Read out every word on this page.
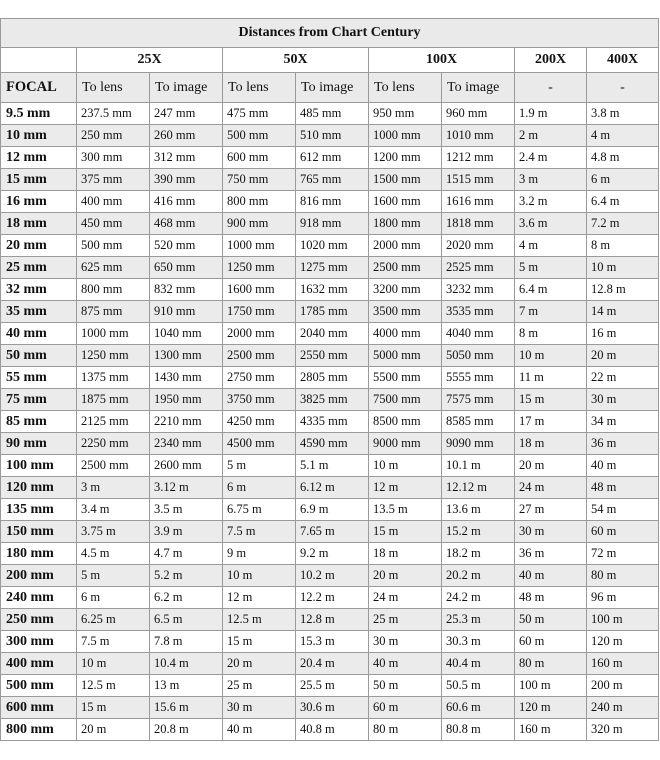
Distances from Chart Century								
	25X		50X		100X		200X	400X
FOCAL	To lens	To image	To lens	To image	To lens	To image	-	-
9.5 mm	237.5 mm	247 mm	475 mm	485 mm	950 mm	960 mm	1.9 m	3.8 m
10 mm	250 mm	260 mm	500 mm	510 mm	1000 mm	1010 mm	2 m	4 m
12 mm	300 mm	312 mm	600 mm	612 mm	1200 mm	1212 mm	2.4 m	4.8 m
15 mm	375 mm	390 mm	750 mm	765 mm	1500 mm	1515 mm	3 m	6 m
16 mm	400 mm	416 mm	800 mm	816 mm	1600 mm	1616 mm	3.2 m	6.4 m
18 mm	450 mm	468 mm	900 mm	918 mm	1800 mm	1818 mm	3.6 m	7.2 m
20 mm	500 mm	520 mm	1000 mm	1020 mm	2000 mm	2020 mm	4 m	8 m
25 mm	625 mm	650 mm	1250 mm	1275 mm	2500 mm	2525 mm	5 m	10 m
32 mm	800 mm	832 mm	1600 mm	1632 mm	3200 mm	3232 mm	6.4 m	12.8 m
35 mm	875 mm	910 mm	1750 mm	1785 mm	3500 mm	3535 mm	7 m	14 m
40 mm	1000 mm	1040 mm	2000 mm	2040 mm	4000 mm	4040 mm	8 m	16 m
50 mm	1250 mm	1300 mm	2500 mm	2550 mm	5000 mm	5050 mm	10 m	20 m
55 mm	1375 mm	1430 mm	2750 mm	2805 mm	5500 mm	5555 mm	11 m	22 m
75 mm	1875 mm	1950 mm	3750 mm	3825 mm	7500 mm	7575 mm	15 m	30 m
85 mm	2125 mm	2210 mm	4250 mm	4335 mm	8500 mm	8585 mm	17 m	34 m
90 mm	2250 mm	2340 mm	4500 mm	4590 mm	9000 mm	9090 mm	18 m	36 m
100 mm	2500 mm	2600 mm	5 m	5.1 m	10 m	10.1 m	20 m	40 m
120 mm	3 m	3.12 m	6 m	6.12 m	12 m	12.12 m	24 m	48 m
135 mm	3.4 m	3.5 m	6.75 m	6.9 m	13.5 m	13.6 m	27 m	54 m
150 mm	3.75 m	3.9 m	7.5 m	7.65 m	15 m	15.2 m	30 m	60 m
180 mm	4.5 m	4.7 m	9 m	9.2 m	18 m	18.2 m	36 m	72 m
200 mm	5 m	5.2 m	10 m	10.2 m	20 m	20.2 m	40 m	80 m
240 mm	6 m	6.2 m	12 m	12.2 m	24 m	24.2 m	48 m	96 m
250 mm	6.25 m	6.5 m	12.5 m	12.8 m	25 m	25.3 m	50 m	100 m
300 mm	7.5 m	7.8 m	15 m	15.3 m	30 m	30.3 m	60 m	120 m
400 mm	10 m	10.4 m	20 m	20.4 m	40 m	40.4 m	80 m	160 m
500 mm	12.5 m	13 m	25 m	25.5 m	50 m	50.5 m	100 m	200 m
600 mm	15 m	15.6 m	30 m	30.6 m	60 m	60.6 m	120 m	240 m
800 mm	20 m	20.8 m	40 m	40.8 m	80 m	80.8 m	160 m	320 m
